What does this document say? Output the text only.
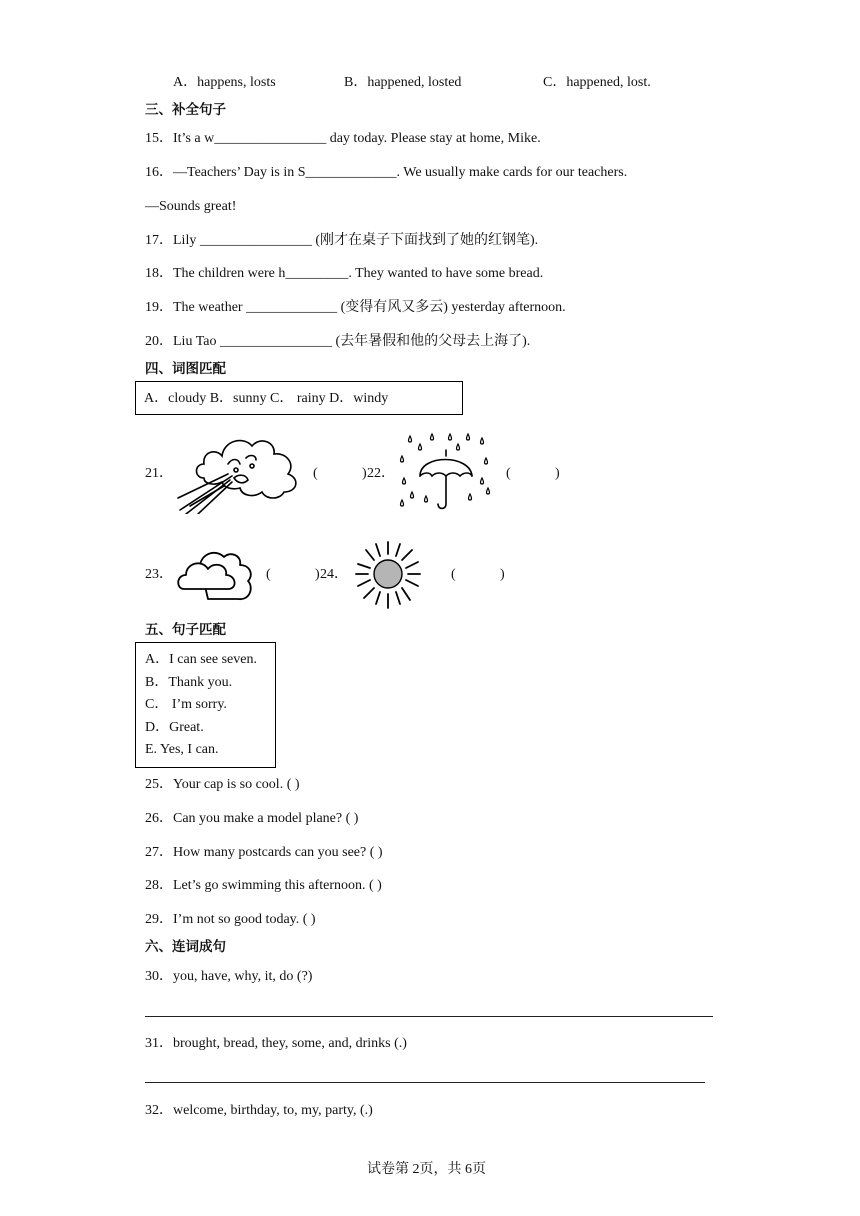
A．happens, losts	B．happened, losted	C．happened, lost.
三、补全句子
15．It’s a w________________ day today. Please stay at home, Mike.
16．—Teachers’ Day is in S_____________. We usually make cards for our teachers.
—Sounds great!
17．Lily ________________ (刚才在桌子下面找到了她的红钢笔).
18．The children were h_________. They wanted to have some bread.
19．The weather _____________ (变得有风又多云) yesterday afternoon.
20．Liu Tao ________________ (去年暑假和他的父母去上海了).
四、词图匹配
A．cloudy B．sunny C． rainy D．windy
21．	(	) 22．	(	)
23．	(	) 24．	(	)
五、句子匹配
A．I can see seven.
B．Thank you.
C． I’m sorry.
D．Great.
E. Yes, I can.
25．Your cap is so cool. ( )
26．Can you make a model plane? ( )
27．How many postcards can you see? ( )
28．Let’s go swimming this afternoon. ( )
29．I’m not so good today. ( )
六、连词成句
30．you, have, why, it, do (?)
31．brought, bread, they, some, and, drinks (.)
32．welcome, birthday, to, my, party, (.)
试卷第 2页，共 6页
